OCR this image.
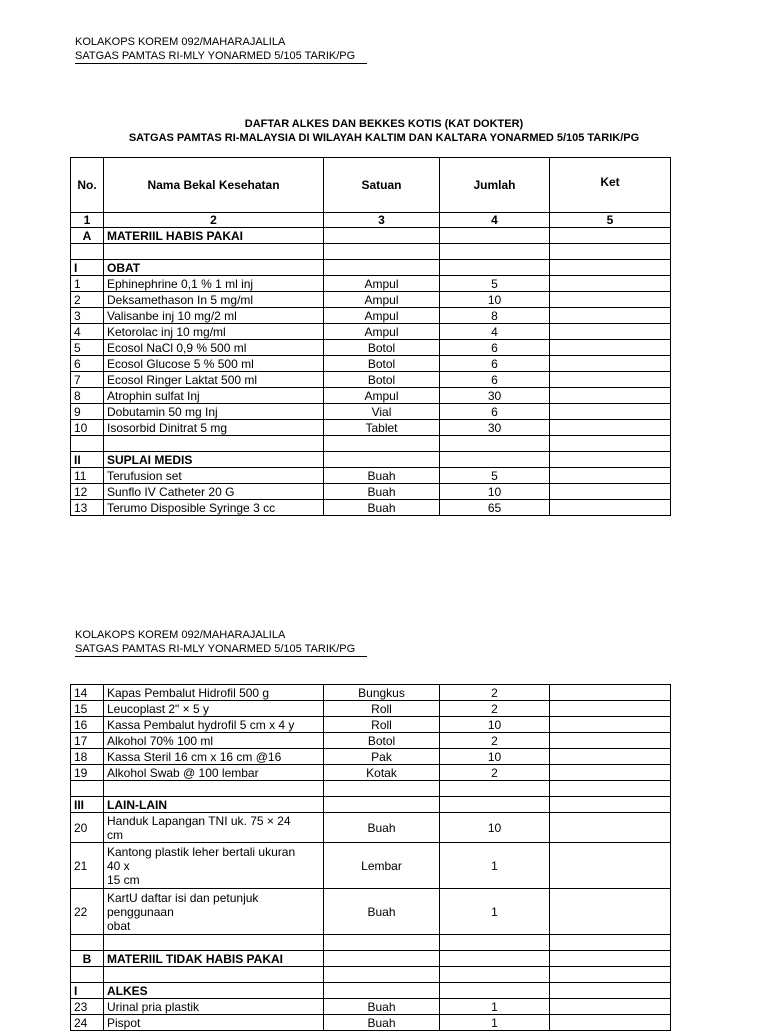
KOLAKOPS KOREM 092/MAHARAJALILA
SATGAS PAMTAS RI-MLY YONARMED 5/105 TARIK/PG
DAFTAR ALKES DAN BEKKES KOTIS (KAT DOKTER)
SATGAS PAMTAS RI-MALAYSIA DI WILAYAH KALTIM DAN KALTARA YONARMED 5/105 TARIK/PG
No.	Nama Bekal Kesehatan	Satuan	Jumlah	Ket
1	2	3	4	5
A	MATERIIL HABIS PAKAI			

I	OBAT			
1	Ephinephrine 0,1 % 1 ml inj	Ampul	5	
2	Deksamethason In 5 mg/ml	Ampul	10	
3	Valisanbe inj 10 mg/2 ml	Ampul	8	
4	Ketorolac inj 10 mg/ml	Ampul	4	
5	Ecosol NaCl 0,9 % 500 ml	Botol	6	
6	Ecosol Glucose 5 % 500 ml	Botol	6	
7	Ecosol Ringer Laktat 500 ml	Botol	6	
8	Atrophin sulfat Inj	Ampul	30	
9	Dobutamin 50 mg Inj	Vial	6	
10	Isosorbid Dinitrat 5 mg	Tablet	30	

II	SUPLAI MEDIS			
11	Terufusion set	Buah	5	
12	Sunflo IV Catheter 20 G	Buah	10	
13	Terumo Disposible Syringe 3 cc	Buah	65	
KOLAKOPS KOREM 092/MAHARAJALILA
SATGAS PAMTAS RI-MLY YONARMED 5/105 TARIK/PG
14	Kapas Pembalut Hidrofil 500 g	Bungkus	2	
15	Leucoplast 2" × 5 y	Roll	2	
16	Kassa Pembalut hydrofil 5 cm x 4 y	Roll	10	
17	Alkohol 70% 100 ml	Botol	2	
18	Kassa Steril 16 cm x 16 cm @16	Pak	10	
19	Alkohol Swab @ 100 lembar	Kotak	2	

III	LAIN-LAIN			
20	Handuk Lapangan TNI uk. 75 × 24
cm	Buah	10	
21	Kantong plastik leher bertali ukuran
40 x
15 cm	Lembar	1	
22	KartU daftar isi dan petunjuk
penggunaan
obat	Buah	1	

B	MATERIIL TIDAK HABIS PAKAI			

I	ALKES			
23	Urinal pria plastik	Buah	1	
24	Pispot	Buah	1	
